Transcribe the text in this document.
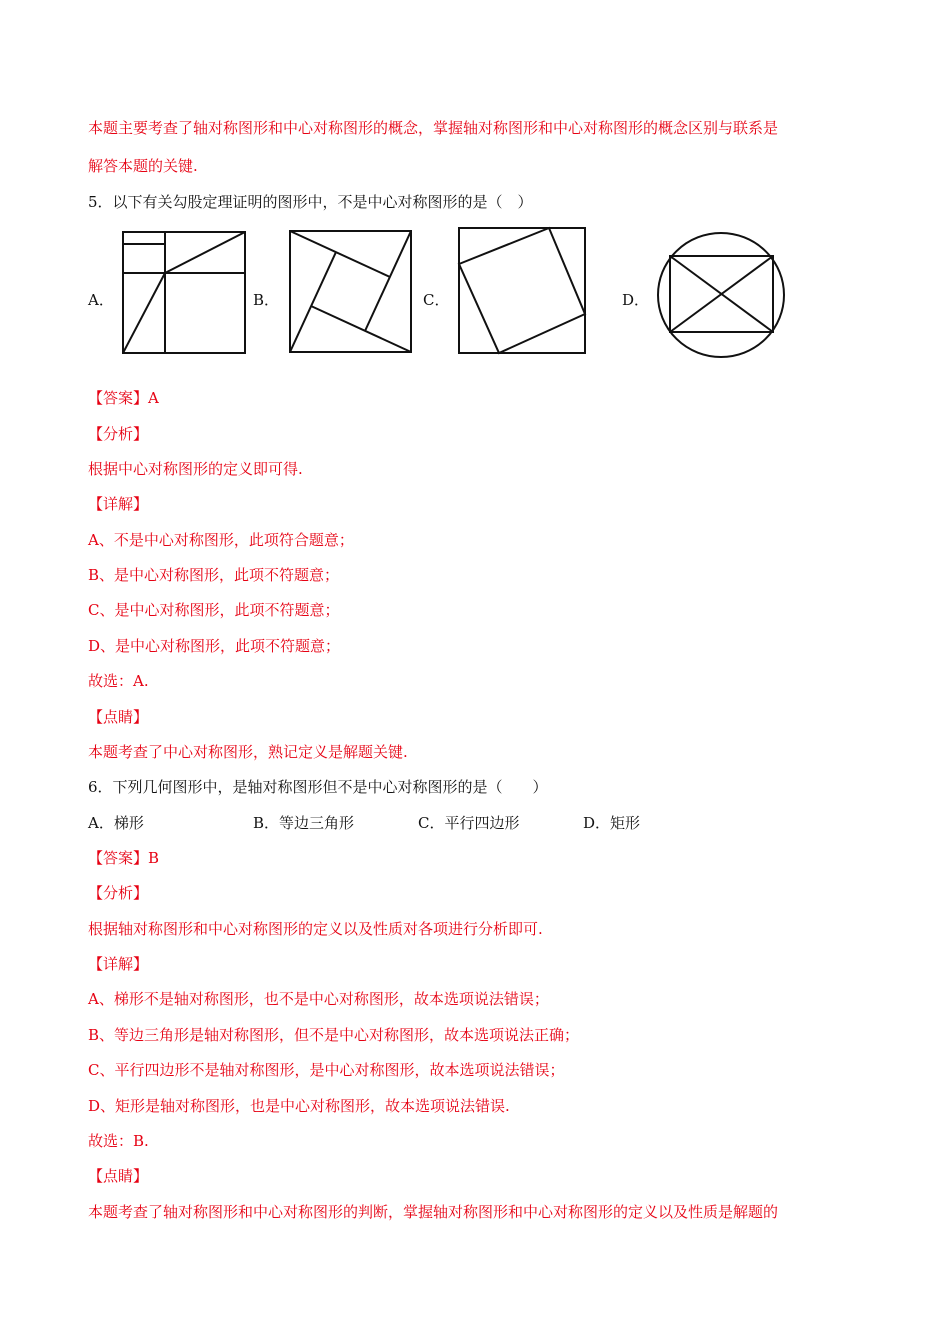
本题主要考查了轴对称图形和中心对称图形的概念，掌握轴对称图形和中心对称图形的概念区别与联系是
解答本题的关键.
5．以下有关勾股定理证明的图形中，不是中心对称图形的是（　）
A．	B．	C．	D．
【答案】A
【分析】
根据中心对称图形的定义即可得.
【详解】
A、不是中心对称图形，此项符合题意；
B、是中心对称图形，此项不符题意；
C、是中心对称图形，此项不符题意；
D、是中心对称图形，此项不符题意；
故选：A.
【点睛】
本题考查了中心对称图形，熟记定义是解题关键.
6．下列几何图形中，是轴对称图形但不是中心对称图形的是（　　）
A．梯形	B．等边三角形	C．平行四边形	D．矩形
【答案】B
【分析】
根据轴对称图形和中心对称图形的定义以及性质对各项进行分析即可.
【详解】
A、梯形不是轴对称图形，也不是中心对称图形，故本选项说法错误；
B、等边三角形是轴对称图形，但不是中心对称图形，故本选项说法正确；
C、平行四边形不是轴对称图形，是中心对称图形，故本选项说法错误；
D、矩形是轴对称图形，也是中心对称图形，故本选项说法错误.
故选：B.
【点睛】
本题考查了轴对称图形和中心对称图形的判断，掌握轴对称图形和中心对称图形的定义以及性质是解题的
